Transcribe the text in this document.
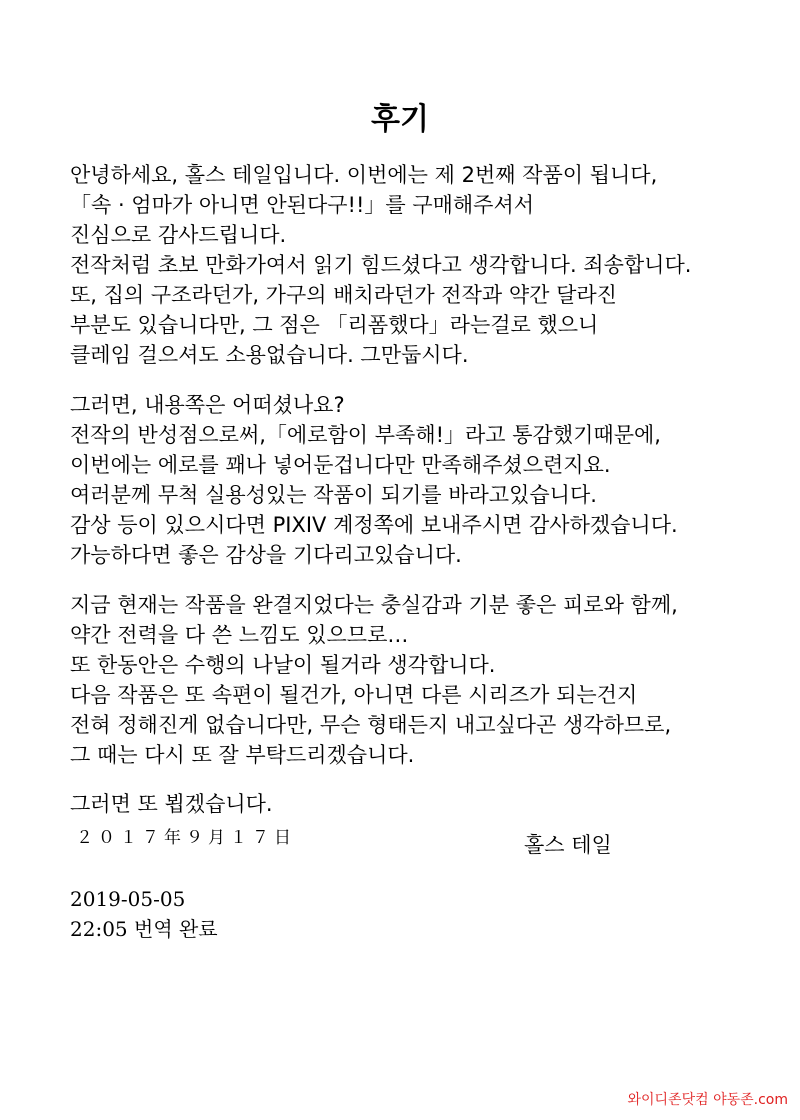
후기
안녕하세요, 홀스 테일입니다. 이번에는 제 2번째 작품이 됩니다,
「속 · 엄마가 아니면 안된다구!!」를 구매해주셔서
진심으로 감사드립니다.
전작처럼 초보 만화가여서 읽기 힘드셨다고 생각합니다. 죄송합니다.
또, 집의 구조라던가, 가구의 배치라던가 전작과 약간 달라진
부분도 있습니다만, 그 점은 「리폼했다」라는걸로 했으니
클레임 걸으셔도 소용없습니다. 그만둡시다.
그러면, 내용쪽은 어떠셨나요?
전작의 반성점으로써,「에로함이 부족해!」라고 통감했기때문에,
이번에는 에로를 꽤나 넣어둔겁니다만 만족해주셨으련지요.
여러분께 무척 실용성있는 작품이 되기를 바라고있습니다.
감상 등이 있으시다면 PIXIV 계정쪽에 보내주시면 감사하겠습니다.
가능하다면 좋은 감상을 기다리고있습니다.
지금 현재는 작품을 완결지었다는 충실감과 기분 좋은 피로와 함께,
약간 전력을 다 쓴 느낌도 있으므로…
또 한동안은 수행의 나날이 될거라 생각합니다.
다음 작품은 또 속편이 될건가, 아니면 다른 시리즈가 되는건지
전혀 정해진게 없습니다만, 무슨 형태든지 내고싶다곤 생각하므로,
그 때는 다시 또 잘 부탁드리겠습니다.
그러면 또 뵙겠습니다.
２０１７年９月１７日	홀스 테일
2019-05-05
22:05 번역 완료
와이디존닷컴 야동존.com
